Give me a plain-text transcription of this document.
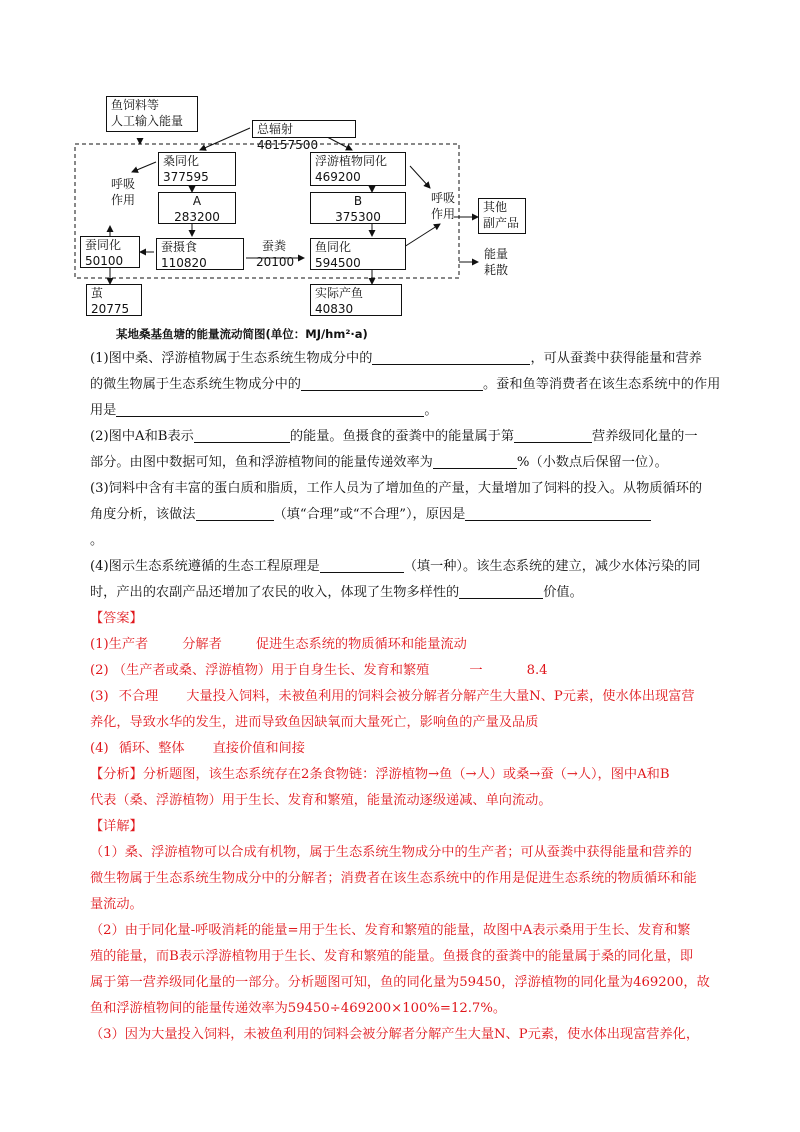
鱼饲料等
人工输入能量
总辐射48157500
桑同化
377595
浮游植物同化
469200
A
283200
B
375300
呼吸
作用	呼吸
作用
蚕同化
50100
蚕摄食
110820
蚕粪
20100
鱼同化
594500
其他
副产品
能量
耗散
茧
20775
实际产鱼
40830
某地桑基鱼塘的能量流动简图(单位：MJ/hm²·a)
(1)图中桑、浮游植物属于生态系统生物成分中的	，可从蚕粪中获得能量和营养
的微生物属于生态系统生物成分中的	。蚕和鱼等消费者在该生态系统中的作用
用是	。
(2)图中A和B表示	的能量。鱼摄食的蚕粪中的能量属于第	营养级同化量的一
部分。由图中数据可知，鱼和浮游植物间的能量传递效率为	%（小数点后保留一位）。
(3)饲料中含有丰富的蛋白质和脂质，工作人员为了增加鱼的产量，大量增加了饲料的投入。从物质循环的
角度分析，该做法	（填“合理”或“不合理”），原因是
。
(4)图示生态系统遵循的生态工程原理是	（填一种）。该生态系统的建立，减少水体污染的同
时，产出的农副产品还增加了农民的收入，体现了生物多样性的	价值。
【答案】
(1)生产者	分解者	促进生态系统的物质循环和能量流动
(2) （生产者或桑、浮游植物）用于自身生长、发育和繁殖	一	8.4
(3) 不合理 大量投入饲料，未被鱼利用的饲料会被分解者分解产生大量N、P元素，使水体出现富营
养化，导致水华的发生，进而导致鱼因缺氧而大量死亡，影响鱼的产量及品质
(4) 循环、整体 直接价值和间接
【分析】分析题图，该生态系统存在2条食物链：浮游植物→鱼（→人）或桑→蚕（→人），图中A和B
代表（桑、浮游植物）用于生长、发育和繁殖，能量流动逐级递减、单向流动。
【详解】
（1）桑、浮游植物可以合成有机物，属于生态系统生物成分中的生产者；可从蚕粪中获得能量和营养的
微生物属于生态系统生物成分中的分解者；消费者在该生态系统中的作用是促进生态系统的物质循环和能
量流动。
（2）由于同化量-呼吸消耗的能量=用于生长、发育和繁殖的能量，故图中A表示桑用于生长、发育和繁
殖的能量，而B表示浮游植物用于生长、发育和繁殖的能量。鱼摄食的蚕粪中的能量属于桑的同化量，即
属于第一营养级同化量的一部分。分析题图可知，鱼的同化量为59450，浮游植物的同化量为469200，故
鱼和浮游植物间的能量传递效率为59450÷469200×100%=12.7%。
（3）因为大量投入饲料，未被鱼利用的饲料会被分解者分解产生大量N、P元素，使水体出现富营养化，
